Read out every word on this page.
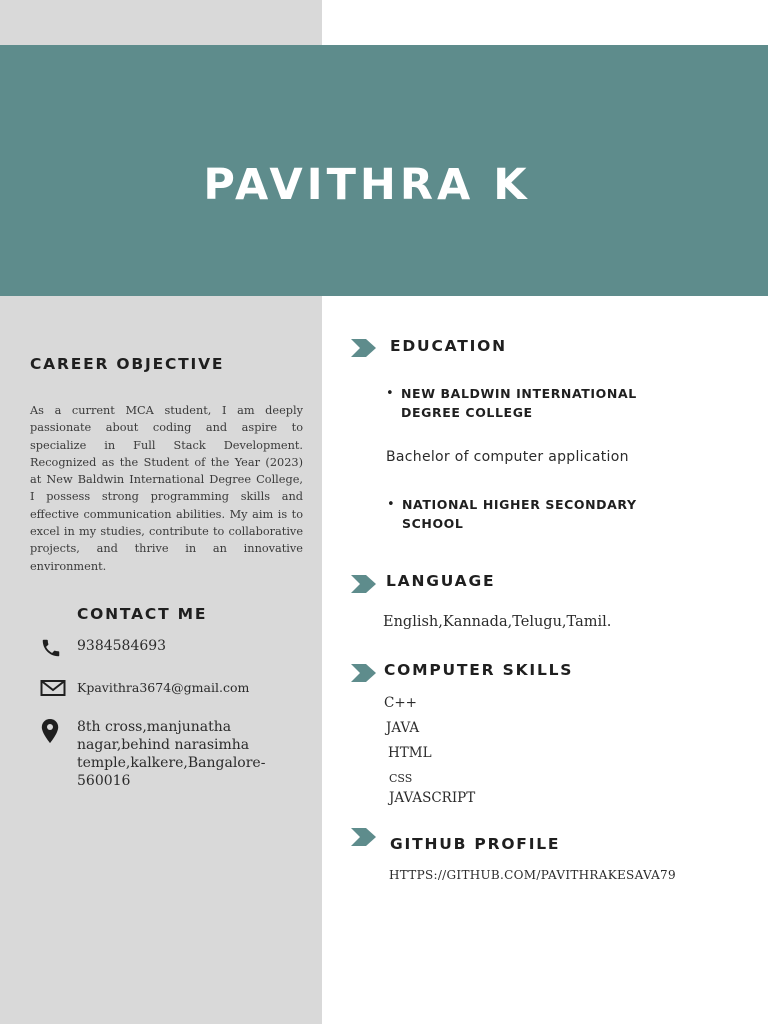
PAVITHRA K
CAREER OBJECTIVE
As a current MCA student, I am deeply passionate about coding and aspire to specialize in Full Stack Development. Recognized as the Student of the Year (2023) at New Baldwin International Degree College, I possess strong programming skills and effective communication abilities. My aim is to excel in my studies, contribute to collaborative projects, and thrive in an innovative environment.
CONTACT ME
9384584693
Kpavithra3674@gmail.com
8th cross,manjunatha
nagar,behind narasimha
temple,kalkere,Bangalore-
560016
EDUCATION
• NEW BALDWIN INTERNATIONAL
DEGREE COLLEGE
Bachelor of computer application
• NATIONAL HIGHER SECONDARY
SCHOOL
LANGUAGE
English,Kannada,Telugu,Tamil.
COMPUTER SKILLS
C++
JAVA
HTML
CSS
JAVASCRIPT
GITHUB PROFILE
HTTPS://GITHUB.COM/PAVITHRAKESAVA79
